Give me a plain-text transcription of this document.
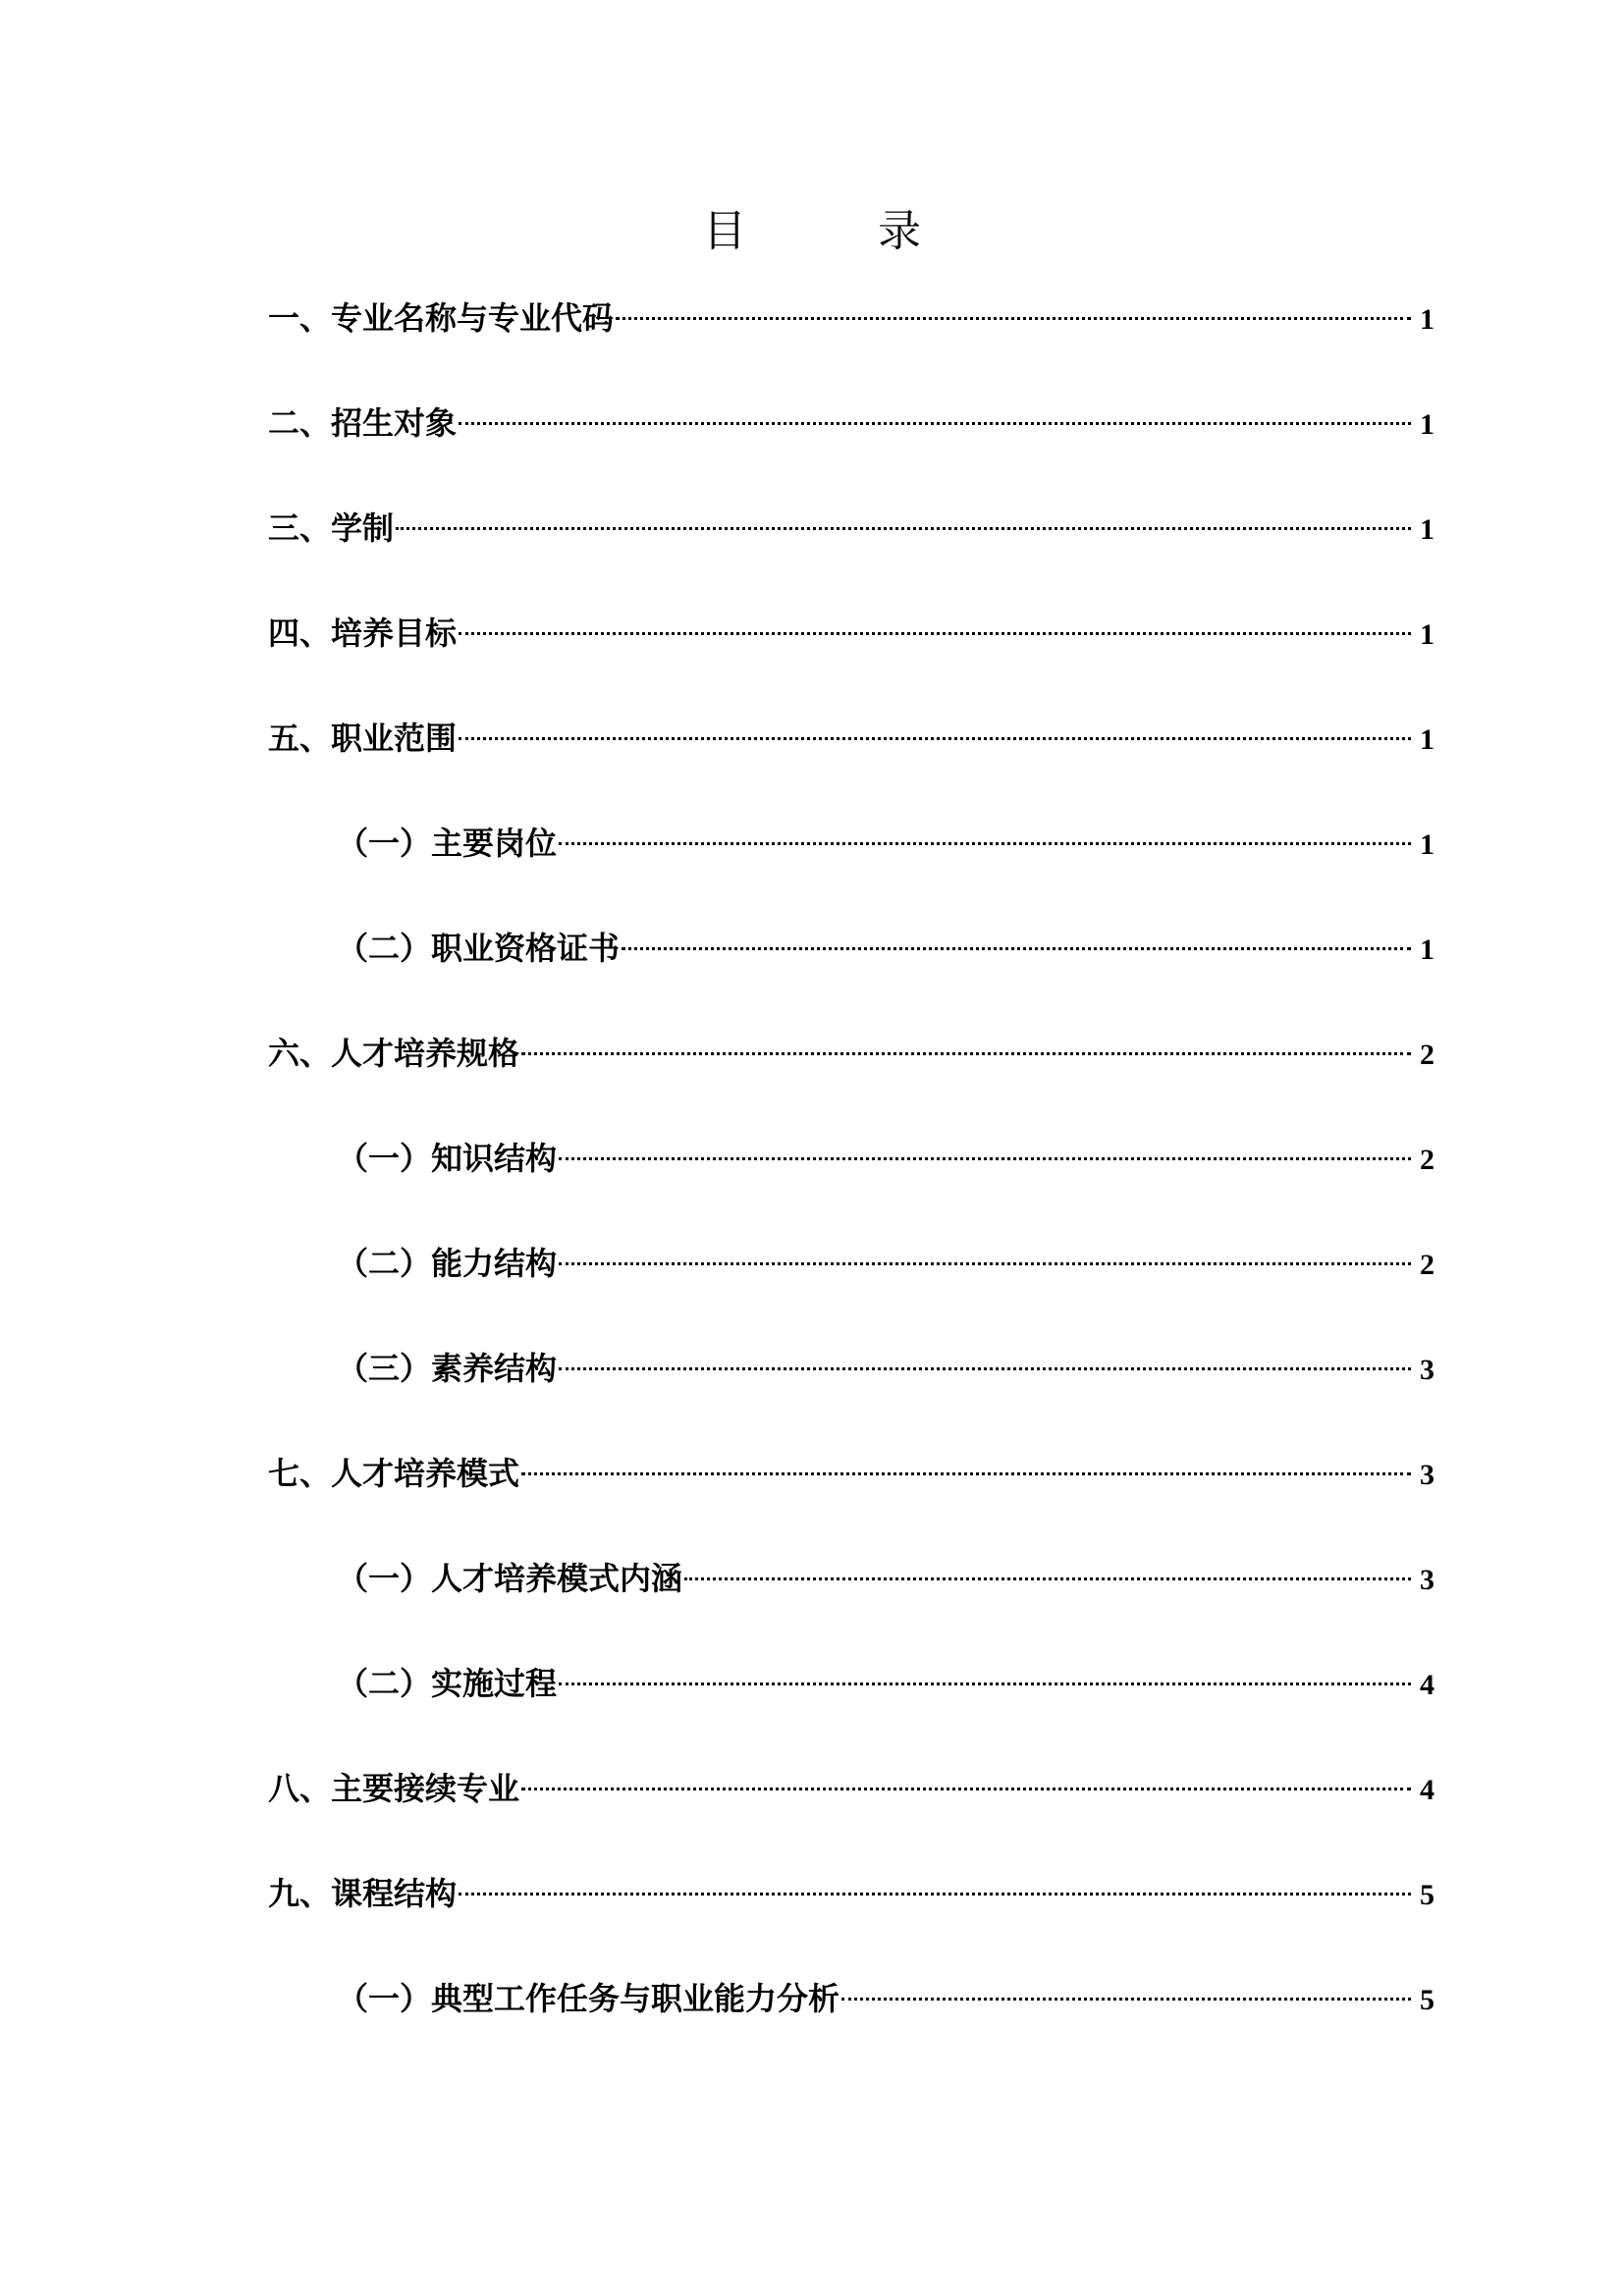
目 录
一、专业名称与专业代码	1
二、招生对象	1
三、学制	1
四、培养目标	1
五、职业范围	1
（一）主要岗位	1
（二）职业资格证书	1
六、人才培养规格	2
（一）知识结构	2
（二）能力结构	2
（三）素养结构	3
七、人才培养模式	3
（一）人才培养模式内涵	3
（二）实施过程	4
八、主要接续专业	4
九、课程结构	5
（一）典型工作任务与职业能力分析	5
